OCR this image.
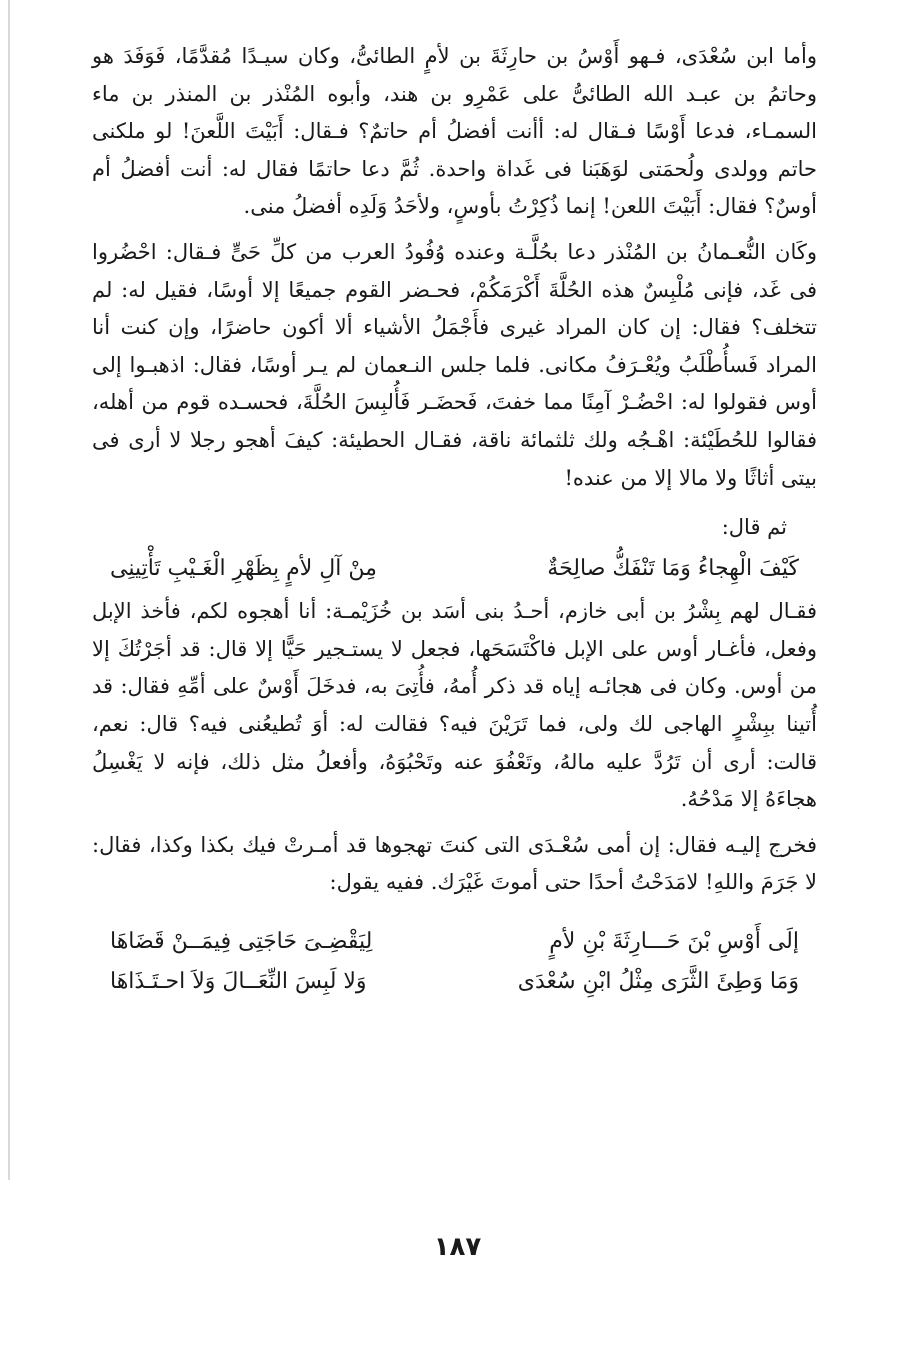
وأما ابن سُعْدَى، فـهو أَوْسُ بن حارِثَةَ بن لأمٍ الطائىُّ، وكان سيـدًا مُقدَّمًا، فَوَفَدَ هو وحاتمُ بن عبـد الله الطائىُّ على عَمْرِو بن هند، وأبوه المُنْذر بن المنذر بن ماء السمـاء، فدعا أَوْسًا فـقال له: أأنت أفضلُ أم حاتمٌ؟ فـقال: أَبَيْتَ اللَّعنَ! لو ملكنى حاتم وولدى ولُحمَتى لوَهَبَنا فى غَداة واحدة. ثُمَّ دعا حاتمًا فقال له: أنت أفضلُ أم أوسٌ؟ فقال: أَبَيْتَ اللعن! إنما ذُكِرْتُ بأوسٍ، ولأحَدُ وَلَدِه أفضلُ منى.

وكَان النُّعـمانُ بن المُنْذر دعا بحُلَّـة وعنده وُفُودُ العرب من كلِّ حَىٍّ فـقال: احْضُروا فى غَد، فإنى مُلْبِسٌ هذه الحُلَّةَ أَكْرَمَكُمْ، فحـضر القوم جميعًا إلا أوسًا، فقيل له: لم تتخلف؟ فقال: إن كان المراد غيرى فأَجْمَلُ الأشياء ألا أكون حاضرًا، وإن كنت أنا المراد فَسأُطْلَبُ ويُعْـرَفُ مكانى. فلما جلس النـعمان لم يـر أوسًا، فقال: اذهبـوا إلى أوس فقولوا له: احْضُـرْ آمِنًا مما خفتَ، فَحضَـر فَأُلبِسَ الحُلَّةَ، فحسـده قوم من أهله، فقالوا للحُطَيْئة: اهْـجُه ولك ثلثمائة ناقة، فقـال الحطيئة: كيفَ أهجو رجلا لا أرى فى بيتى أثاثًا ولا مالا إلا من عنده!

ثم قال:

كَيْفَ الْهِجاءُ وَمَا تَنْفَكُّ صالِحَةٌ
مِنْ آلِ لأمٍ بِظَهْرِ الْغَـيْبِ تَأْتِينِى

فقـال لهم بِشْرُ بن أبى خازم، أحـدُ بنى أسَد بن خُزَيْمـة: أنا أهجوه لكم، فأخذ الإبل وفعل، فأغـار أوس على الإبل فاكْتَسَحَها، فجعل لا يستـجير حَيًّا إلا قال: قد أجَرْتُكَ إلا من أوس. وكان فى هجائـه إياه قد ذكر أُمهُ، فأُتِىَ به، فدخَلَ أَوْسٌ على أمِّهِ فقال: قد أُتينا ببِشْرٍ الهاجى لك ولى، فما تَرَيْنَ فيه؟ فقالت له: أوَ تُطيعُنى فيه؟ قال: نعم، قالت: أرى أن تَرُدَّ عليه مالهُ، وتَعْفُوَ عنه وتَحْبُوَهُ، وأفعلُ مثل ذلك، فإنه لا يَغْسِلُ هجاءَهُ إلا مَدْحُهُ.

فخرج إليـه فقال: إن أمى سُعْـدَى التى كنتَ تهجوها قد أمـرتْ فيك بكذا وكذا، فقال: لا جَرَمَ واللهِ! لامَدَحْتُ أحدًا حتى أموتَ غَيْرَك. ففيه يقول:

إلَى أَوْسِ بْنَ حَـــارِثَةَ بْنِ لأمٍ
لِيَقْضِـىَ حَاجَتِى فِيمَــنْ قَضَاهَا
وَمَا وَطِئَ الثَّرَى مِثْلُ ابْنِ سُعْدَى
وَلا لَبِسَ النِّعَــالَ وَلاَ احـتَـذَاهَا
١٨٧
